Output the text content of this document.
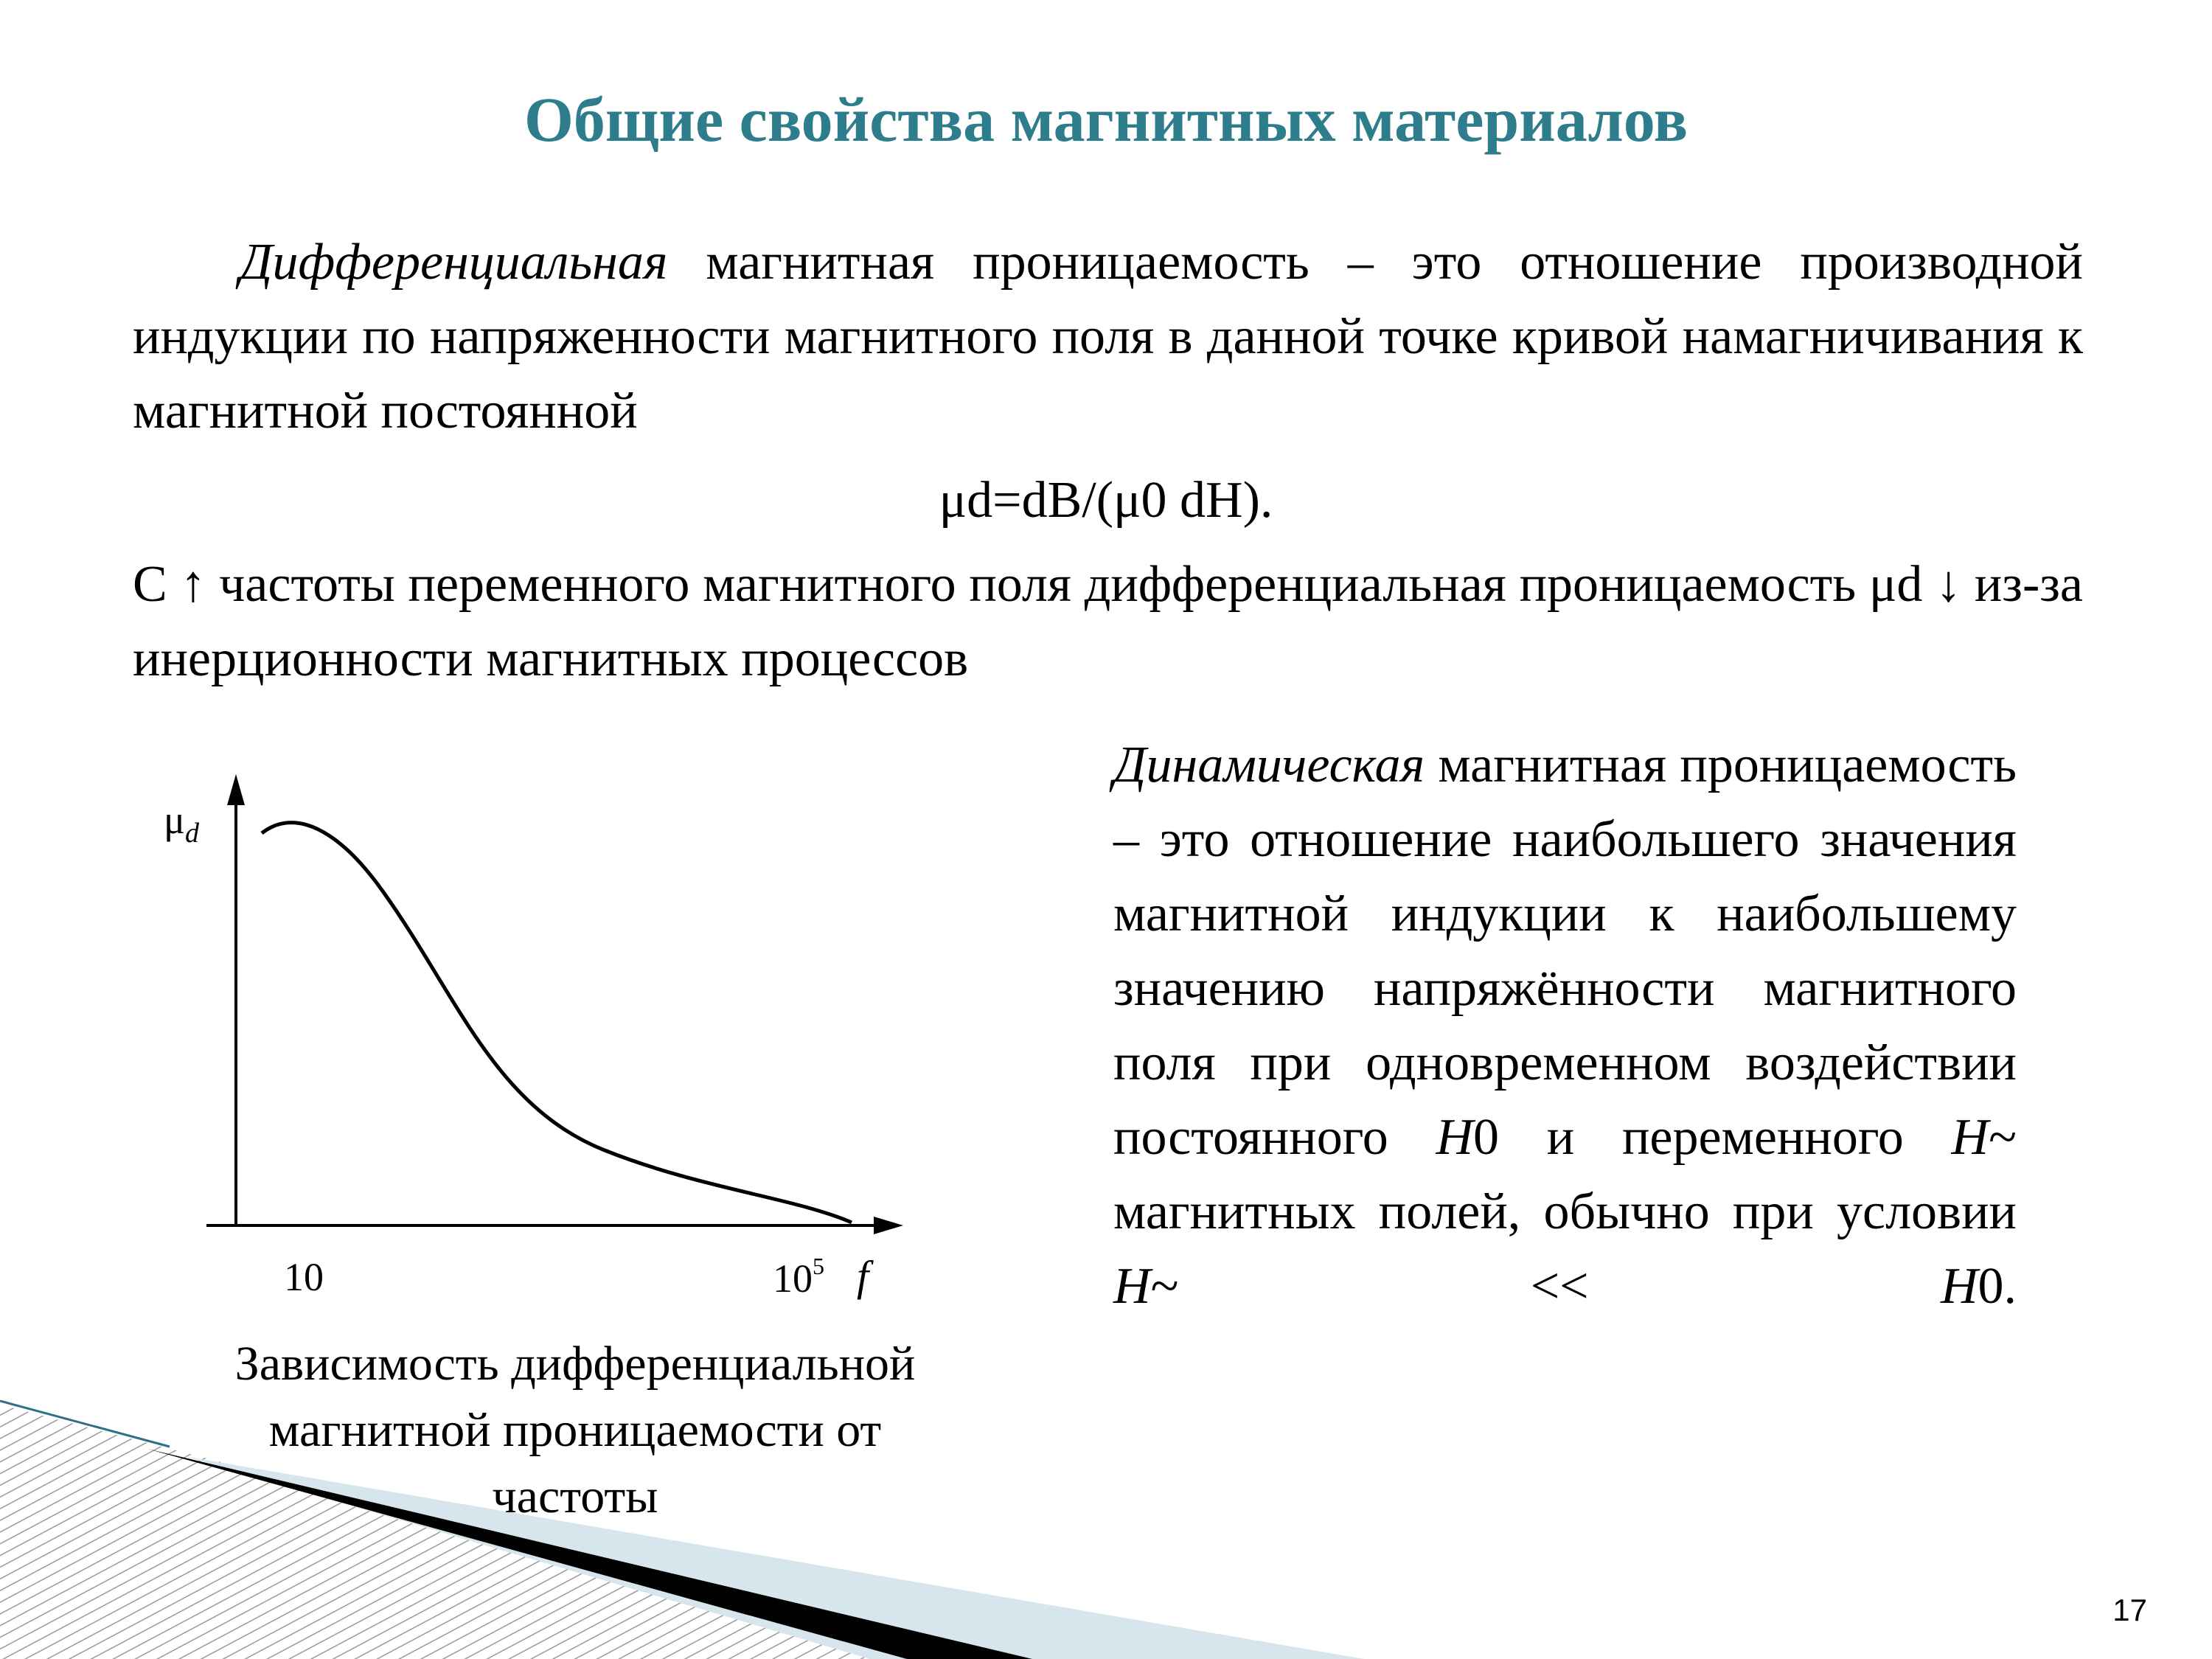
Общие свойства магнитных материалов
Дифференциальная магнитная проницаемость – это отношение производной индукции по напряженности магнитного поля в данной точке кривой намагничивания к магнитной постоянной
μd=dB/(μ0 dH).
С ↑ частоты переменного магнитного поля дифференциальная проницаемость μd ↓ из-за инерционности магнитных процессов
Динамическая магнитная проницаемость – это отношение наибольшего значения магнитной индукции к наибольшему значению напряжённости магнитного поля при одновременном воздействии постоянного H0 и переменного H~ магнитных полей, обычно при условии H~ << H0.
$\mu_d$
10	$10^5$ f
Зависимость дифференциальной
магнитной проницаемости от
частоты
17
